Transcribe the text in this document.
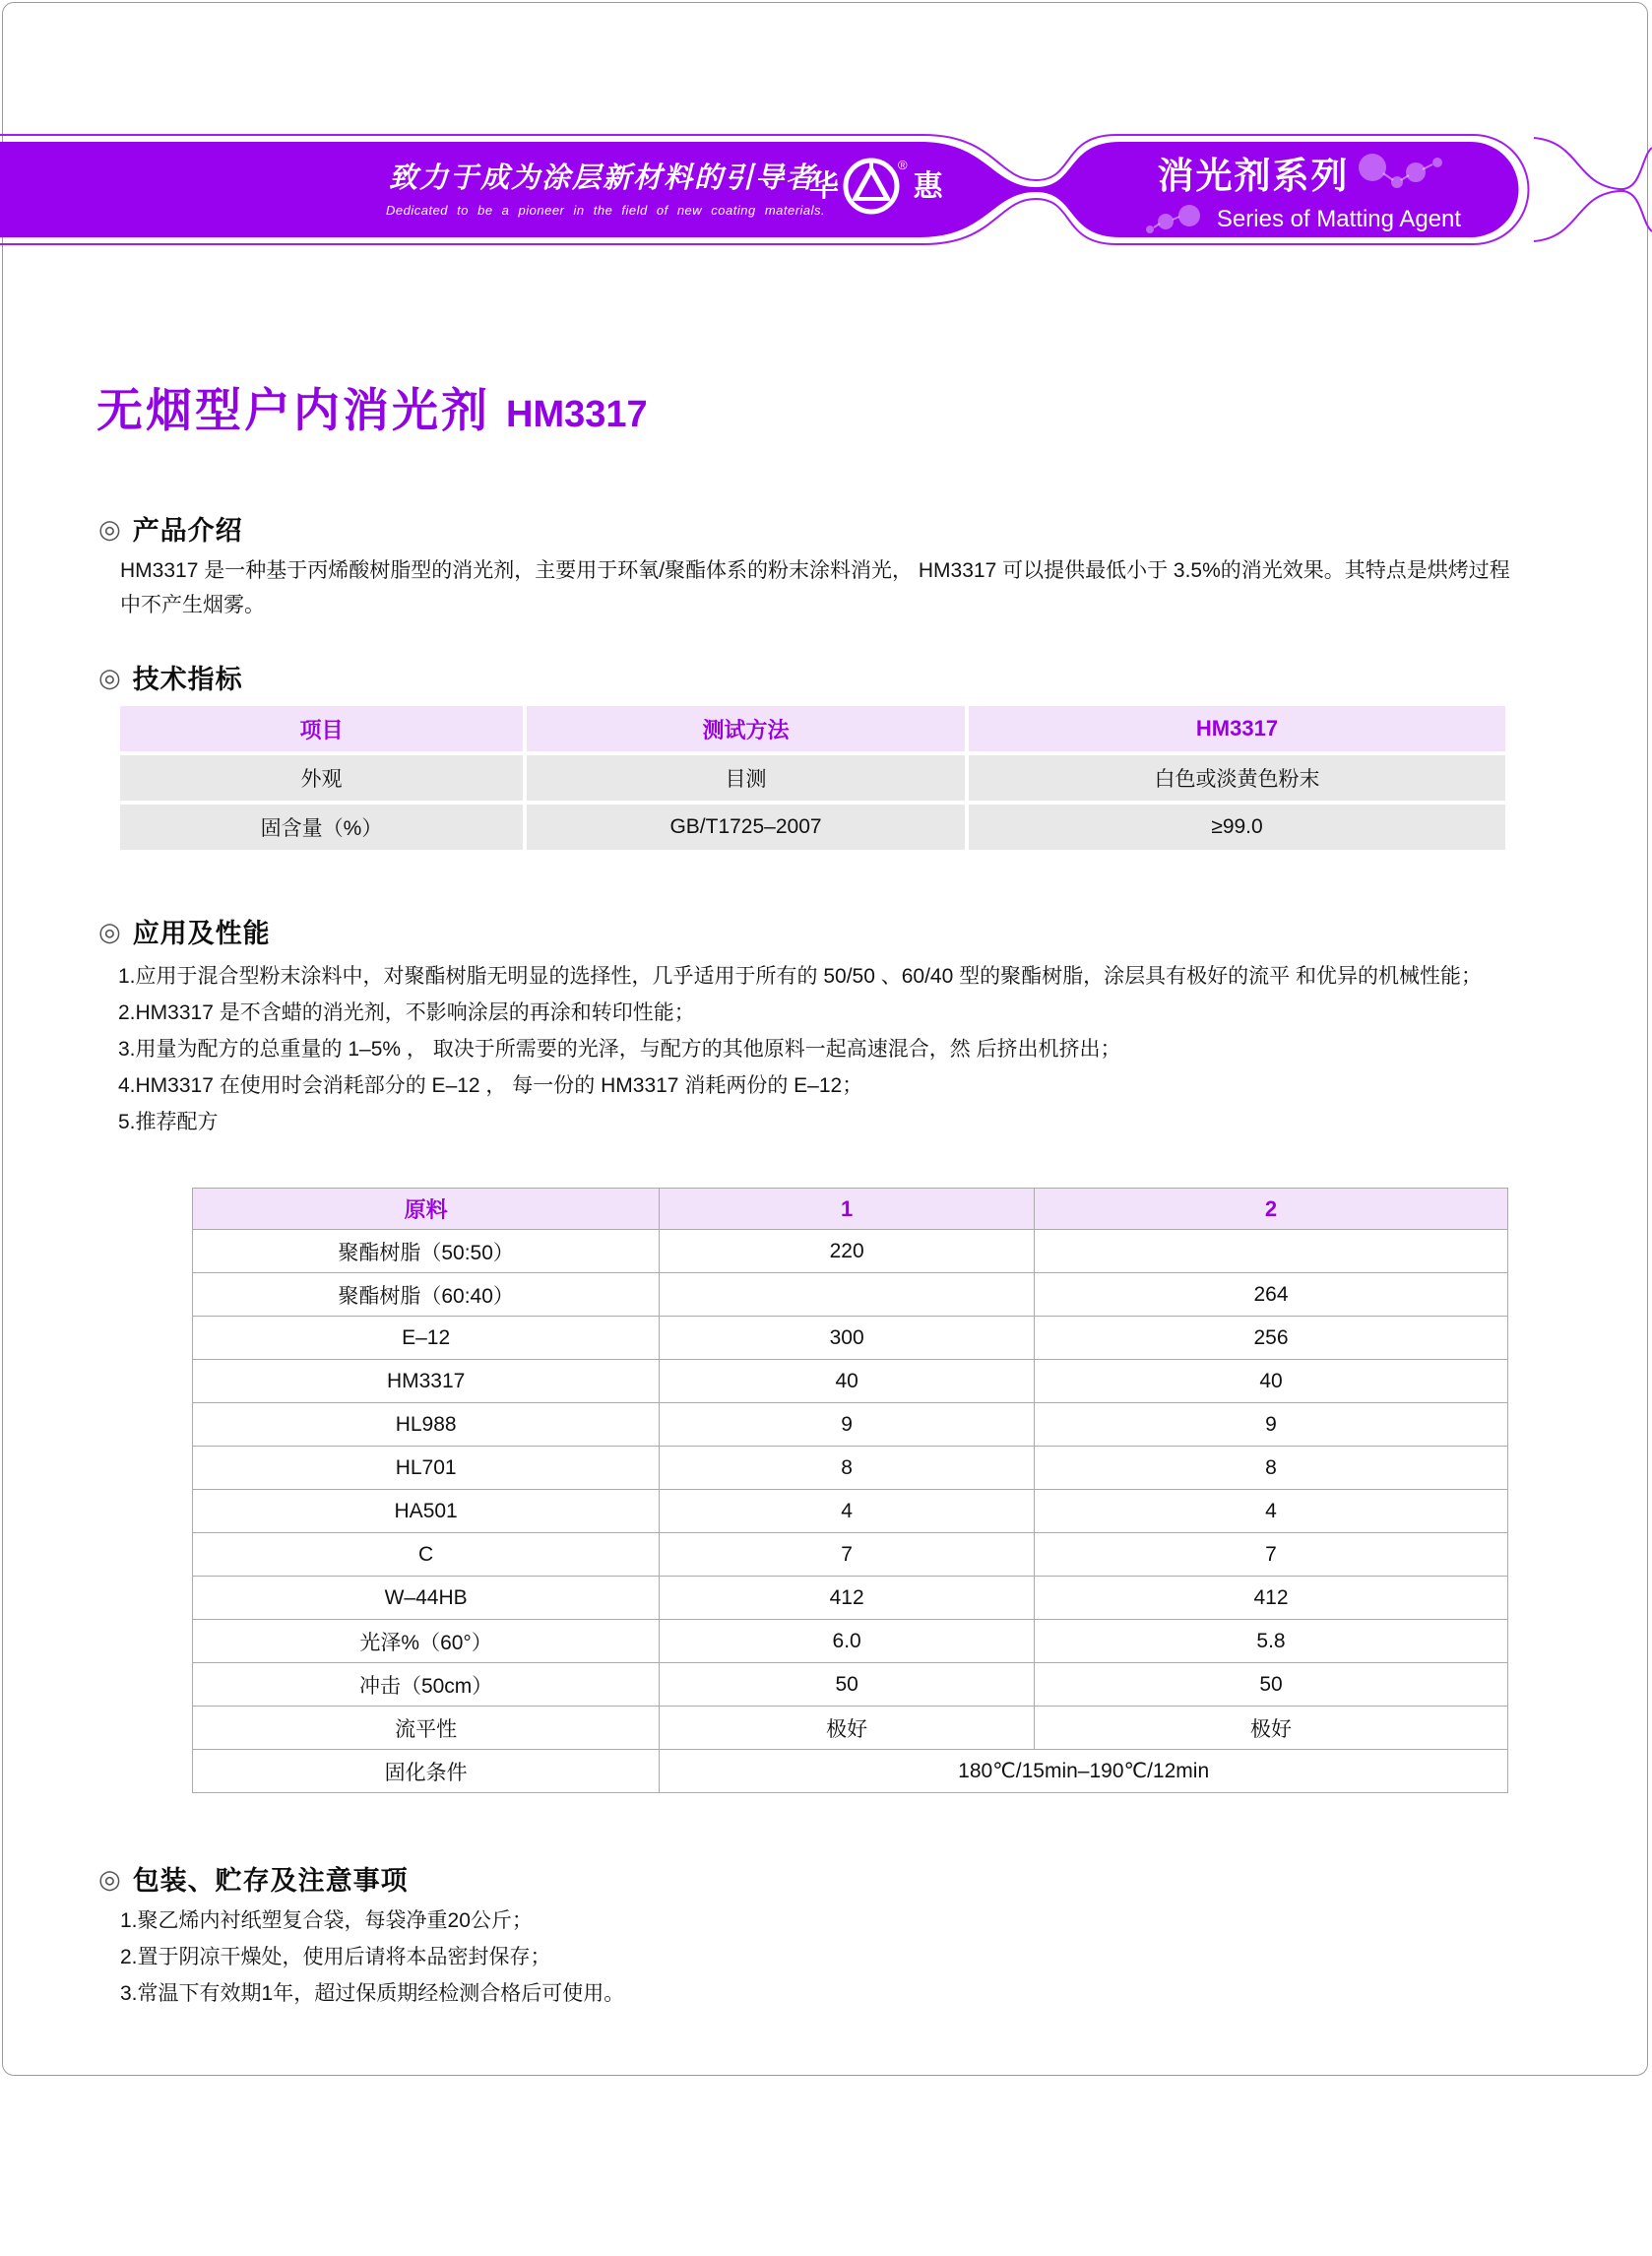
致力于成为涂层新材料的引导者
Dedicated to be a pioneer in the field of new coating materials.
华
®
惠	消光剂系列
Series of Matting Agent
无烟型户内消光剂 HM3317
◎ 产品介绍
HM3317 是一种基于丙烯酸树脂型的消光剂，主要用于环氧/聚酯体系的粉末涂料消光， HM3317 可以提供最低小于 3.5%的消光效果。其特点是烘烤过程中不产生烟雾。
◎ 技术指标
项目	测试方法	HM3317
外观	目测	白色或淡黄色粉末
固含量（%）	GB/T1725–2007	≥99.0
◎ 应用及性能
1.应用于混合型粉末涂料中，对聚酯树脂无明显的选择性，几乎适用于所有的 50/50 、60/40 型的聚酯树脂，涂层具有极好的流平 和优异的机械性能；
2.HM3317 是不含蜡的消光剂，不影响涂层的再涂和转印性能；
3.用量为配方的总重量的 1–5% ， 取决于所需要的光泽，与配方的其他原料一起高速混合，然 后挤出机挤出；
4.HM3317 在使用时会消耗部分的 E–12 ， 每一份的 HM3317 消耗两份的 E–12；
5.推荐配方
原料	1	2
聚酯树脂（50:50）	220	
聚酯树脂（60:40）		264
E–12	300	256
HM3317	40	40
HL988	9	9
HL701	8	8
HA501	4	4
C	7	7
W–44HB	412	412
光泽%（60°）	6.0	5.8
冲击（50cm）	50	50
流平性	极好	极好
固化条件	180℃/15min–190℃/12min	
◎ 包装、贮存及注意事项
1.聚乙烯内衬纸塑复合袋，每袋净重20公斤；
2.置于阴凉干燥处，使用后请将本品密封保存；
3.常温下有效期1年，超过保质期经检测合格后可使用。
